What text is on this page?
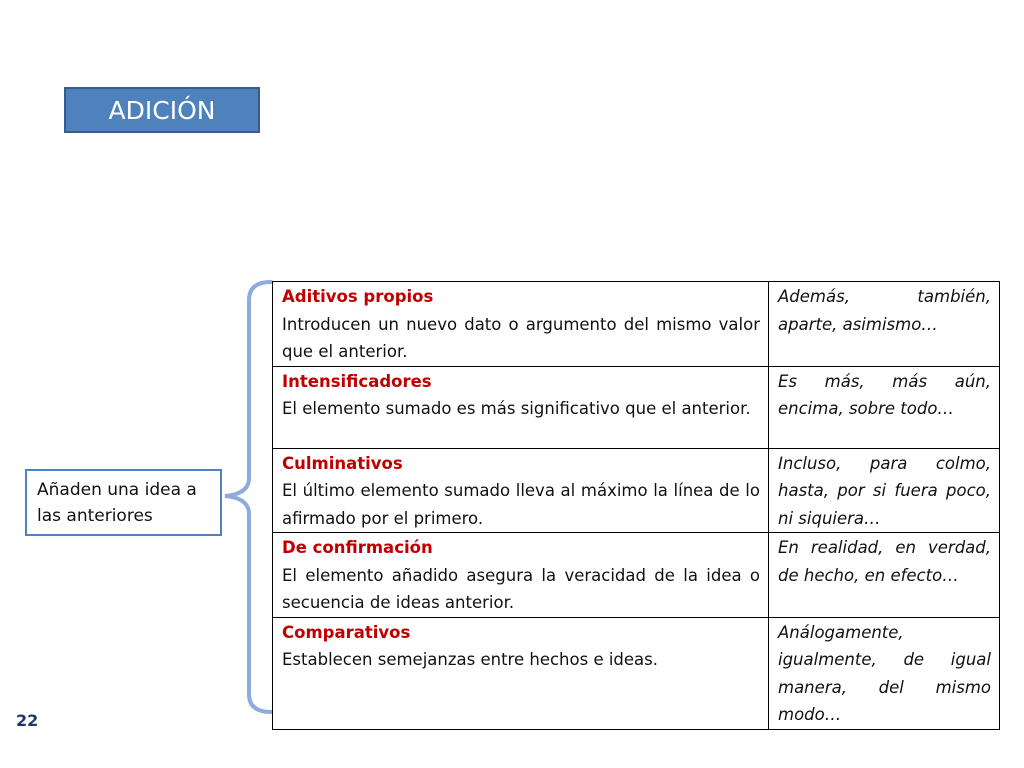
ADICIÓN
Añaden una idea a las anteriores
Aditivos propios
Introducen un nuevo dato o argumento del mismo valor que el anterior.	Además, también, aparte, asimismo…

Intensificadores
El elemento sumado es más significativo que el anterior.	Es más, más aún, encima, sobre todo…

Culminativos
El último elemento sumado lleva al máximo la línea de lo afirmado por el primero.	Incluso, para colmo, hasta, por si fuera poco, ni siquiera…

De confirmación
El elemento añadido asegura la veracidad de la idea o secuencia de ideas anterior.	En realidad, en verdad, de hecho, en efecto…

Comparativos
Establecen semejanzas entre hechos e ideas.	Análogamente, igualmente, de igual manera, del mismo modo…
22
